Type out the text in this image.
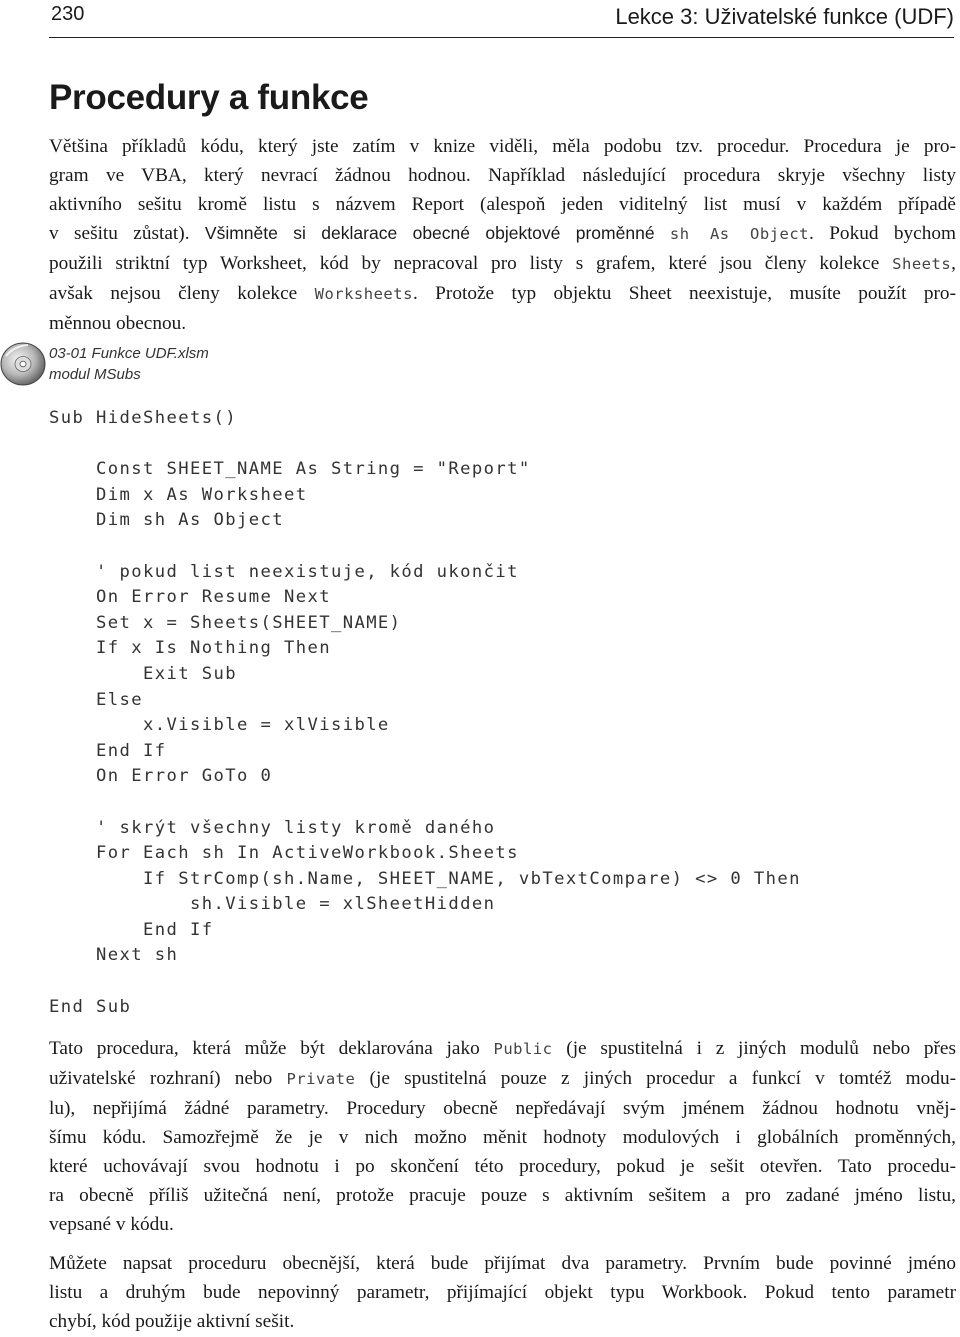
230	Lekce 3: Uživatelské funkce (UDF)
Procedury a funkce

Většina příkladů kódu, který jste zatím v knize viděli, měla podobu tzv. procedur. Procedura je pro-
gram ve VBA, který nevrací žádnou hodnou. Například následující procedura skryje všechny listy
aktivního sešitu kromě listu s názvem Report (alespoň jeden viditelný list musí v každém případě
v sešitu zůstat). Všimněte si deklarace obecné objektové proměnné sh As Object. Pokud bychom
použili striktní typ Worksheet, kód by nepracoval pro listy s grafem, které jsou členy kolekce Sheets,
avšak nejsou členy kolekce Worksheets. Protože typ objektu Sheet neexistuje, musíte použít pro-
měnnou obecnou.

03-01 Funkce UDF.xlsm
modul MSubs
Sub HideSheets()
Const SHEET_NAME As String = "Report"
Dim x As Worksheet
Dim sh As Object
' pokud list neexistuje, kód ukončit
On Error Resume Next
Set x = Sheets(SHEET_NAME)
If x Is Nothing Then
Exit Sub
Else
x.Visible = xlVisible
End If
On Error GoTo 0
' skrýt všechny listy kromě daného
For Each sh In ActiveWorkbook.Sheets
If StrComp(sh.Name, SHEET_NAME, vbTextCompare) <> 0 Then
sh.Visible = xlSheetHidden
End If
Next sh
End Sub

Tato procedura, která může být deklarována jako Public (je spustitelná i z jiných modulů nebo přes
uživatelské rozhraní) nebo Private (je spustitelná pouze z jiných procedur a funkcí v tomtéž modu-
lu), nepřijímá žádné parametry. Procedury obecně nepředávají svým jménem žádnou hodnotu vněj-
šímu kódu. Samozřejmě že je v nich možno měnit hodnoty modulových i globálních proměnných,
které uchovávají svou hodnotu i po skončení této procedury, pokud je sešit otevřen. Tato procedu-
ra obecně příliš užitečná není, protože pracuje pouze s aktivním sešitem a pro zadané jméno listu,
vepsané v kódu.

Můžete napsat proceduru obecnější, která bude přijímat dva parametry. Prvním bude povinné jméno
listu a druhým bude nepovinný parametr, přijímající objekt typu Workbook. Pokud tento parametr
chybí, kód použije aktivní sešit.
